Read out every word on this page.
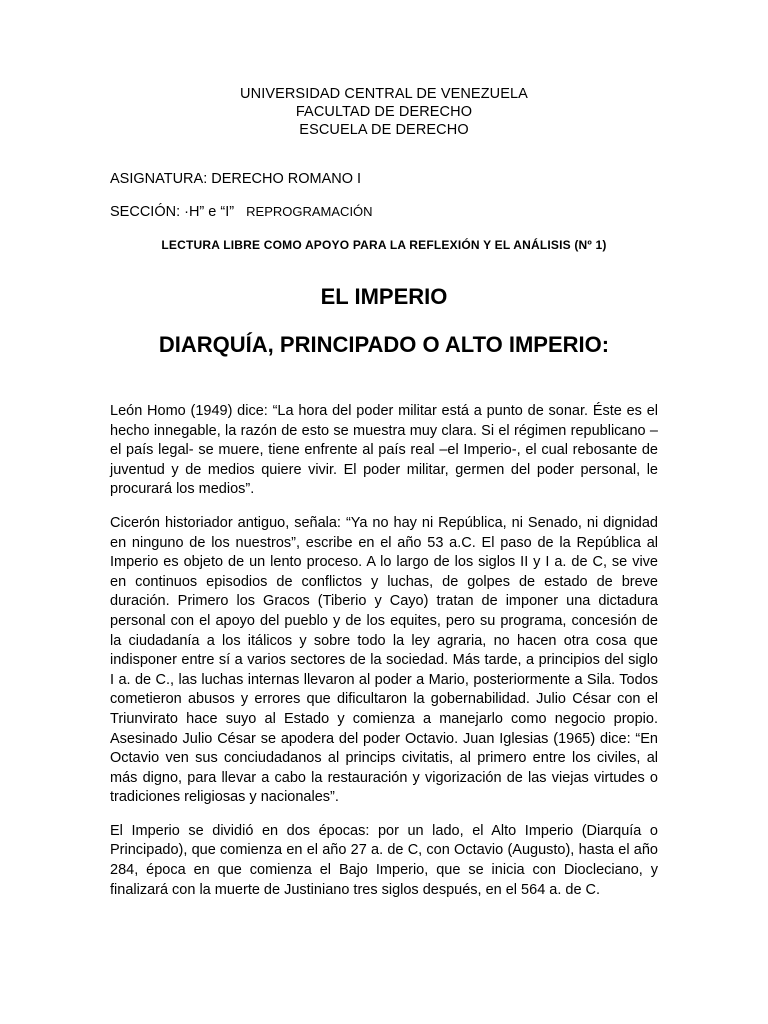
UNIVERSIDAD CENTRAL DE VENEZUELA
FACULTAD DE DERECHO
ESCUELA DE DERECHO
ASIGNATURA: DERECHO ROMANO I
SECCIÓN: ·H” e “I” REPROGRAMACIÓN
LECTURA LIBRE COMO APOYO PARA LA REFLEXIÓN Y EL ANÁLISIS (Nº 1)
EL IMPERIO
DIARQUÍA, PRINCIPADO O ALTO IMPERIO:

León Homo (1949) dice: “La hora del poder militar está a punto de sonar. Éste es el hecho innegable, la razón de esto se muestra muy clara. Si el régimen republicano –el país legal- se muere, tiene enfrente al país real –el Imperio-, el cual rebosante de juventud y de medios quiere vivir. El poder militar, germen del poder personal, le procurará los medios”.

Cicerón historiador antiguo, señala: “Ya no hay ni República, ni Senado, ni dignidad en ninguno de los nuestros”, escribe en el año 53 a.C. El paso de la República al Imperio es objeto de un lento proceso. A lo largo de los siglos II y I a. de C, se vive en continuos episodios de conflictos y luchas, de golpes de estado de breve duración. Primero los Gracos (Tiberio y Cayo) tratan de imponer una dictadura personal con el apoyo del pueblo y de los equites, pero su programa, concesión de la ciudadanía a los itálicos y sobre todo la ley agraria, no hacen otra cosa que indisponer entre sí a varios sectores de la sociedad. Más tarde, a principios del siglo I a. de C., las luchas internas llevaron al poder a Mario, posteriormente a Sila. Todos cometieron abusos y errores que dificultaron la gobernabilidad. Julio César con el Triunvirato hace suyo al Estado y comienza a manejarlo como negocio propio. Asesinado Julio César se apodera del poder Octavio. Juan Iglesias (1965) dice: “En Octavio ven sus conciudadanos al princips civitatis, al primero entre los civiles, al más digno, para llevar a cabo la restauración y vigorización de las viejas virtudes o tradiciones religiosas y nacionales”.

El Imperio se dividió en dos épocas: por un lado, el Alto Imperio (Diarquía o Principado), que comienza en el año 27 a. de C, con Octavio (Augusto), hasta el año 284, época en que comienza el Bajo Imperio, que se inicia con Diocleciano, y finalizará con la muerte de Justiniano tres siglos después, en el 564 a. de C.
